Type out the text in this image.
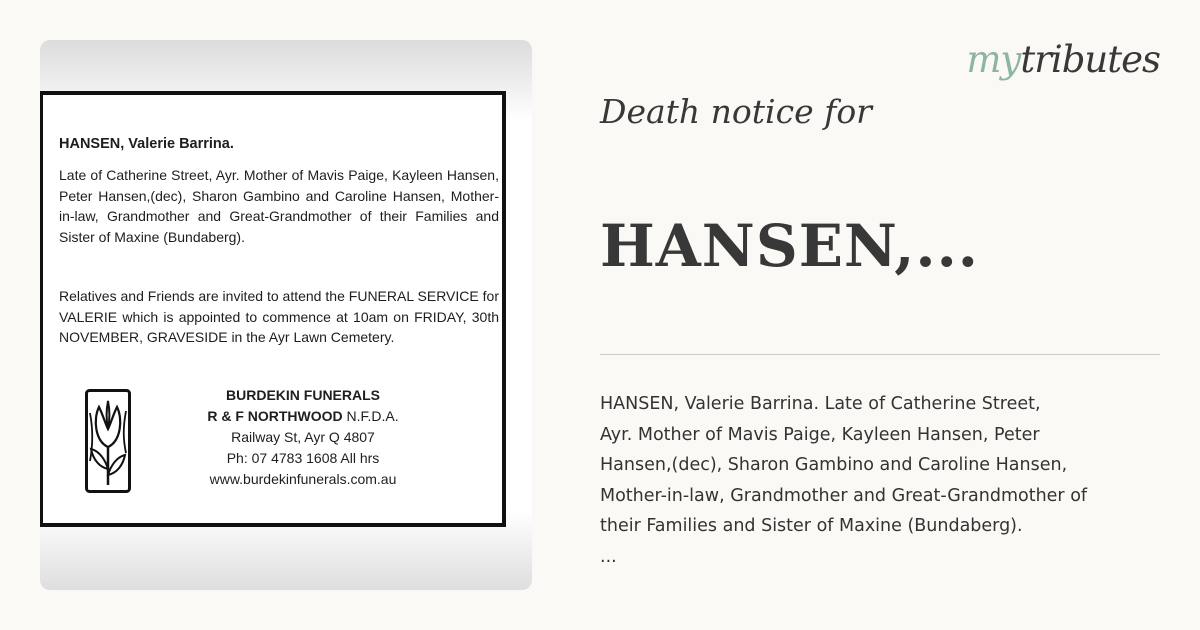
HANSEN, Valerie Barrina.

Late of Catherine Street, Ayr. Mother of Mavis Paige, Kayleen Hansen, Peter Hansen,(dec), Sharon Gambino and Caroline Hansen, Mother-in-law, Grandmother and Great-Grandmother of their Families and Sister of Maxine (Bundaberg).

Relatives and Friends are invited to attend the FUNERAL SERVICE for VALERIE which is appointed to commence at 10am on FRIDAY, 30th NOVEMBER, GRAVESIDE in the Ayr Lawn Cemetery.

BURDEKIN FUNERALS
R & F NORTHWOOD N.F.D.A.
Railway St, Ayr Q 4807
Ph: 07 4783 1608 All hrs
www.burdekinfunerals.com.au
mytributes
Death notice for
HANSEN,...
HANSEN, Valerie Barrina. Late of Catherine Street,
Ayr. Mother of Mavis Paige, Kayleen Hansen, Peter
Hansen,(dec), Sharon Gambino and Caroline Hansen,
Mother-in-law, Grandmother and Great-Grandmother of
their Families and Sister of Maxine (Bundaberg).
...
